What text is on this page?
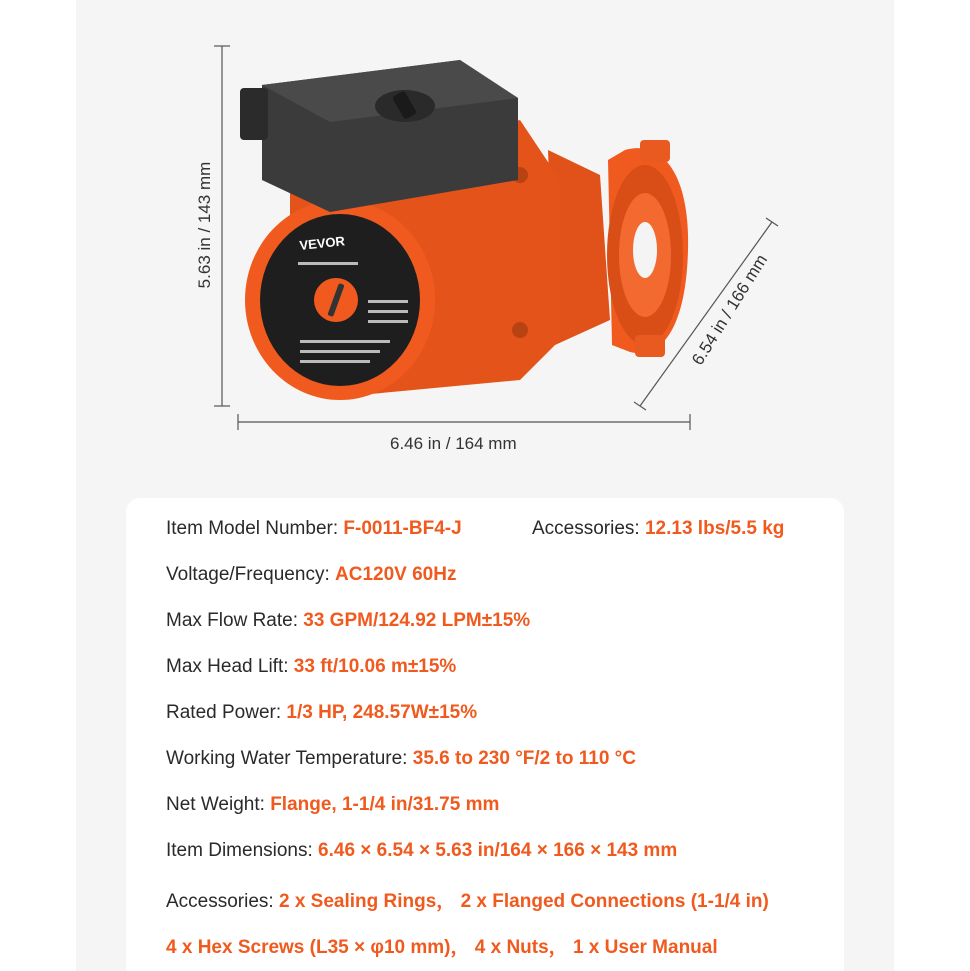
VEVOR
5.63 in / 143 mm
6.46 in / 164 mm
6.54 in / 166 mm
Item Model Number: F-0011-BF4-J	Accessories: 12.13 lbs/5.5 kg
Voltage/Frequency: AC120V 60Hz
Max Flow Rate: 33 GPM/124.92 LPM±15%
Max Head Lift: 33 ft/10.06 m±15%
Rated Power: 1/3 HP, 248.57W±15%
Working Water Temperature: 35.6 to 230 °F/2 to 110 °C
Net Weight: Flange, 1-1/4 in/31.75 mm
Item Dimensions: 6.46 × 6.54 × 5.63 in/164 × 166 × 143 mm
Accessories: 2 x Sealing Rings， 2 x Flanged Connections (1-1/4 in)
4 x Hex Screws (L35 × φ10 mm)， 4 x Nuts， 1 x User Manual
